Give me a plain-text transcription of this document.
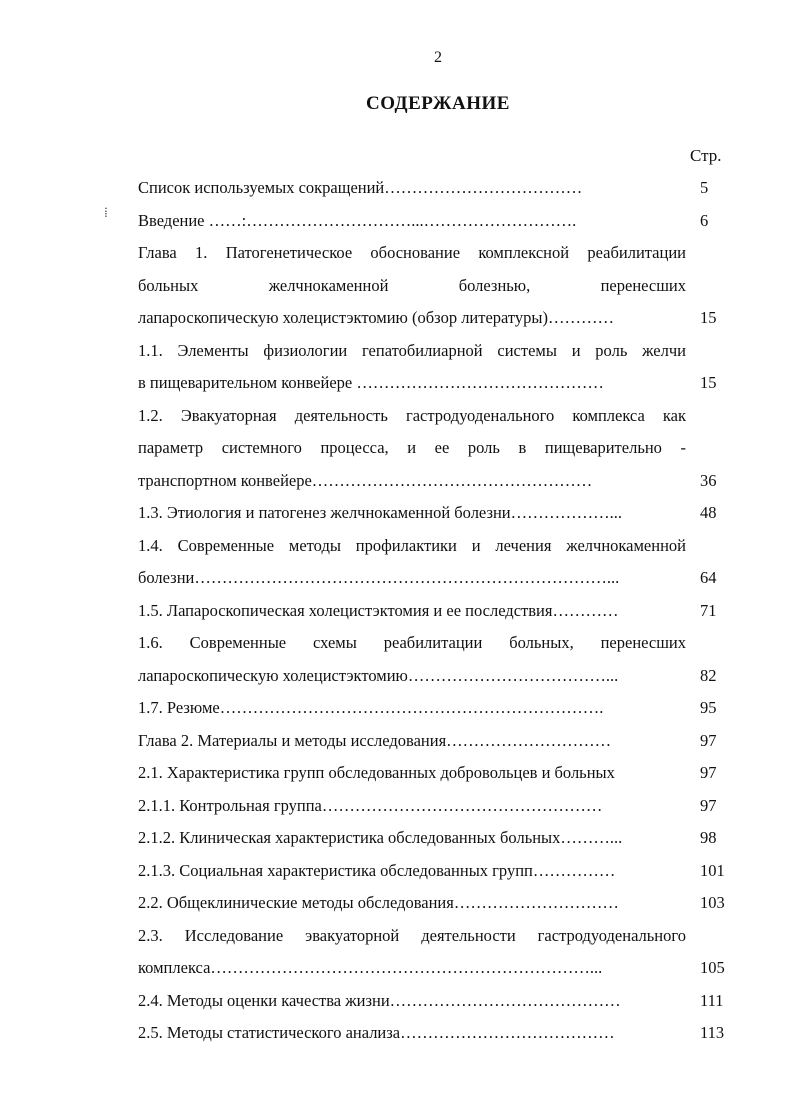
2
СОДЕРЖАНИЕ
Стр.
⁞
Список используемых сокращений………………………………	5
Введение ……:…………………………...……………………….	6
Глава 1. Патогенетическое обоснование комплексной реабилитации
больных желчнокаменной болезнью, перенесших
лапароскопическую холецистэктомию (обзор литературы)…………	15
1.1. Элементы физиологии гепатобилиарной системы и роль желчи
в пищеварительном конвейере ………………………………………	15
1.2. Эвакуаторная деятельность гастродуоденального комплекса как
параметр системного процесса, и ее роль в пищеварительно -
транспортном конвейере……………………………………………	36
1.3. Этиология и патогенез желчнокаменной болезни………………...	48
1.4. Современные методы профилактики и лечения желчнокаменной
болезни…………………………………………………………………...	64
1.5. Лапароскопическая холецистэктомия и ее последствия…………	71
1.6. Современные схемы реабилитации больных, перенесших
лапароскопическую холецистэктомию………………………………...	82
1.7. Резюме…………………………………………………………….	95
Глава 2. Материалы и методы исследования…………………………	97
2.1. Характеристика групп обследованных добровольцев и больных	97
2.1.1. Контрольная группа……………………………………………	97
2.1.2. Клиническая характеристика обследованных больных………...	98
2.1.3. Социальная характеристика обследованных групп……………	101
2.2. Общеклинические методы обследования…………………………	103
2.3. Исследование эвакуаторной деятельности гастродуоденального
комплекса……………………………………………………………...	105
2.4. Методы оценки качества жизни……………………………………	111
2.5. Методы статистического анализа…………………………………	113
